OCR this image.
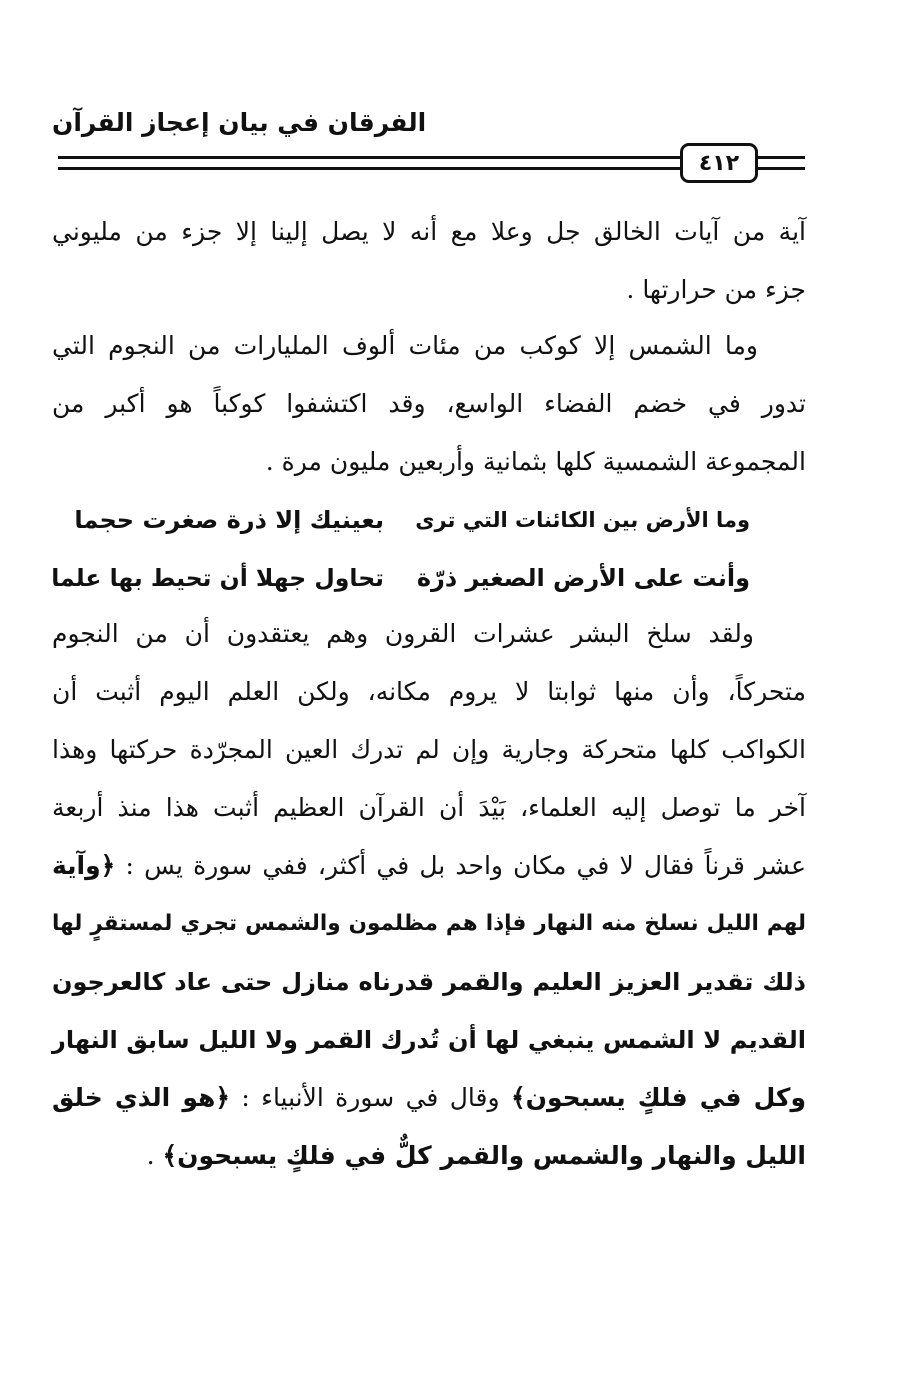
الفرقان في بيان إعجاز القرآن
٤١٢
آية من آيات الخالق جل وعلا مع أنه لا يصل إلينا إلا جزء من مليوني
جزء من حرارتها .
وما الشمس إلا كوكب من مئات ألوف المليارات من النجوم التي
تدور في خضم الفضاء الواسع، وقد اكتشفوا كوكباً هو أكبر من
المجموعة الشمسية كلها بثمانية وأربعين مليون مرة .
وما الأرض بين الكائنات التي ترى
بعينيك إلا ذرة صغرت حجما
وأنت على الأرض الصغير ذرّة
تحاول جهلا أن تحيط بها علما
ولقد سلخ البشر عشرات القرون وهم يعتقدون أن من النجوم
متحركاً، وأن منها ثوابتا لا يروم مكانه، ولكن العلم اليوم أثبت أن
الكواكب كلها متحركة وجارية وإن لم تدرك العين المجرّدة حركتها وهذا
آخر ما توصل إليه العلماء، بَيْدَ أن القرآن العظيم أثبت هذا منذ أربعة
عشر قرناً فقال لا في مكان واحد بل في أكثر، ففي سورة يس : ﴿وآية
لهم الليل نسلخ منه النهار فإذا هم مظلمون والشمس تجري لمستقرٍ لها
ذلك تقدير العزيز العليم والقمر قدرناه منازل حتى عاد كالعرجون
القديم لا الشمس ينبغي لها أن تُدرك القمر ولا الليل سابق النهار
وكل في فلكٍ يسبحون﴾ وقال في سورة الأنبياء : ﴿هو الذي خلق
الليل والنهار والشمس والقمر كلٌّ في فلكٍ يسبحون﴾ .
